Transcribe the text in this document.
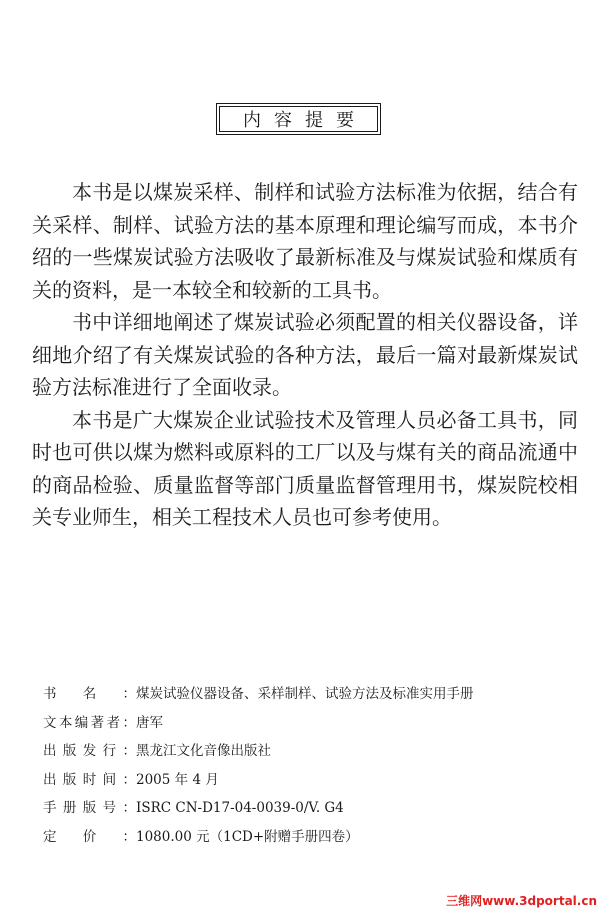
内容提要

本书是以煤炭采样、制样和试验方法标准为依据，结合有关采样、制样、试验方法的基本原理和理论编写而成，本书介绍的一些煤炭试验方法吸收了最新标准及与煤炭试验和煤质有关的资料，是一本较全和较新的工具书。

书中详细地阐述了煤炭试验必须配置的相关仪器设备，详细地介绍了有关煤炭试验的各种方法，最后一篇对最新煤炭试验方法标准进行了全面收录。

本书是广大煤炭企业试验技术及管理人员必备工具书，同时也可供以煤为燃料或原料的工厂以及与煤有关的商品流通中的商品检验、质量监督等部门质量监督管理用书，煤炭院校相关专业师生，相关工程技术人员也可参考使用。

书 名 ： 煤炭试验仪器设备、采样制样、试验方法及标准实用手册
文 本 编 著 者 ： 唐军
出 版 发 行 ： 黑龙江文化音像出版社
出 版 时 间 ： 2005 年 4 月
手 册 版 号 ： ISRC CN-D17-04-0039-0/V. G4
定 价 ： 1080.00 元（1CD+附赠手册四卷）
三维网www.3dportal.cn
